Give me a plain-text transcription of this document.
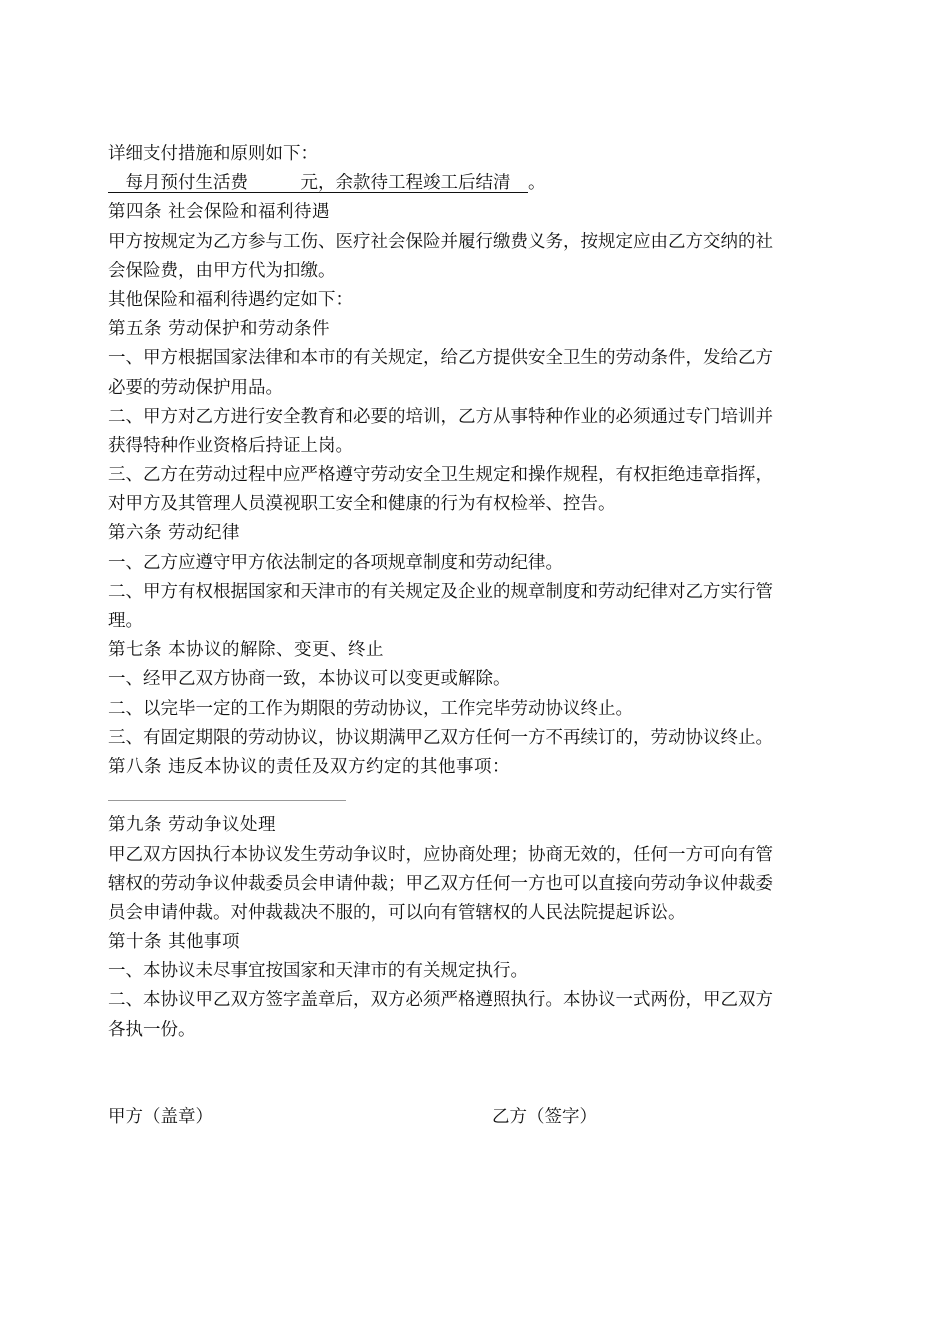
详细支付措施和原则如下：
　每月预付生活费　　　	元，余款待工程竣工后结清　 。
第四条 社会保险和福利待遇
甲方按规定为乙方参与工伤、医疗社会保险并履行缴费义务，按规定应由乙方交纳的社
会保险费，由甲方代为扣缴。
其他保险和福利待遇约定如下：
第五条 劳动保护和劳动条件
一、甲方根据国家法律和本市的有关规定，给乙方提供安全卫生的劳动条件，发给乙方
必要的劳动保护用品。
二、甲方对乙方进行安全教育和必要的培训，乙方从事特种作业的必须通过专门培训并
获得特种作业资格后持证上岗。
三、乙方在劳动过程中应严格遵守劳动安全卫生规定和操作规程，有权拒绝违章指挥，
对甲方及其管理人员漠视职工安全和健康的行为有权检举、控告。
第六条 劳动纪律
一、乙方应遵守甲方依法制定的各项规章制度和劳动纪律。
二、甲方有权根据国家和天津市的有关规定及企业的规章制度和劳动纪律对乙方实行管
理。
第七条 本协议的解除、变更、终止
一、经甲乙双方协商一致，本协议可以变更或解除。
二、以完毕一定的工作为期限的劳动协议，工作完毕劳动协议终止。
三、有固定期限的劳动协议，协议期满甲乙双方任何一方不再续订的，劳动协议终止。
第八条 违反本协议的责任及双方约定的其他事项：
第九条 劳动争议处理
甲乙双方因执行本协议发生劳动争议时，应协商处理；协商无效的，任何一方可向有管
辖权的劳动争议仲裁委员会申请仲裁；甲乙双方任何一方也可以直接向劳动争议仲裁委
员会申请仲裁。对仲裁裁决不服的，可以向有管辖权的人民法院提起诉讼。
第十条 其他事项
一、本协议未尽事宜按国家和天津市的有关规定执行。
二、本协议甲乙双方签字盖章后，双方必须严格遵照执行。本协议一式两份，甲乙双方
各执一份。
甲方（盖章）	乙方（签字）
